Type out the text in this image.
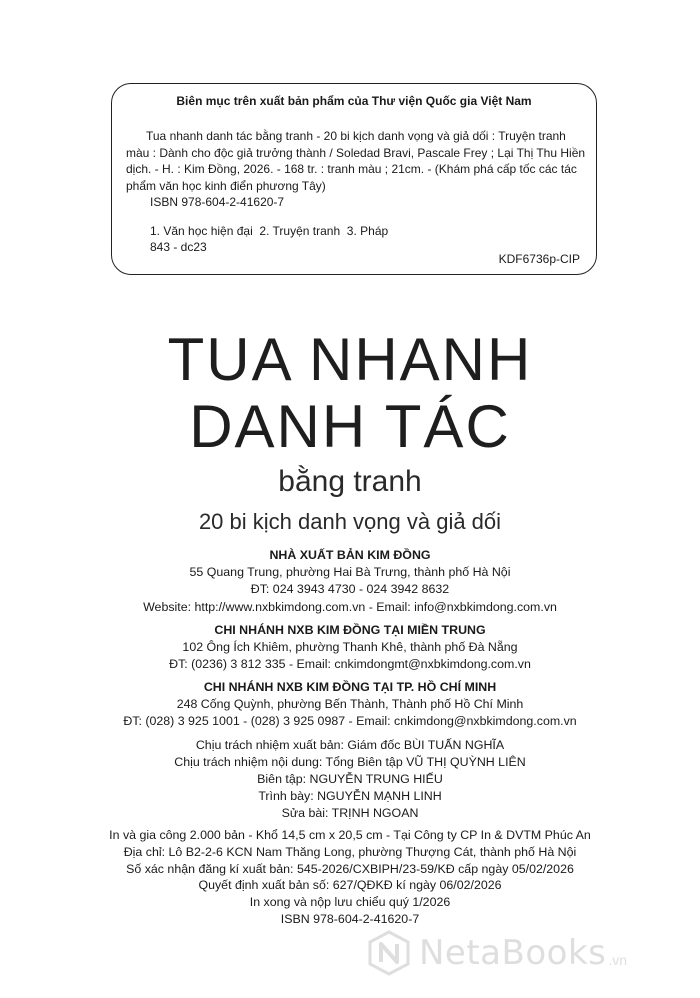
Biên mục trên xuất bản phẩm của Thư viện Quốc gia Việt Nam
Tua nhanh danh tác bằng tranh - 20 bi kịch danh vọng và giả dối : Truyện tranh
màu : Dành cho độc giả trưởng thành / Soledad Bravi, Pascale Frey ; Lại Thị Thu Hiền
dịch. - H. : Kim Đồng, 2026. - 168 tr. : tranh màu ; 21cm. - (Khám phá cấp tốc các tác
phẩm văn học kinh điển phương Tây)
ISBN 978-604-2-41620-7
1. Văn học hiện đại  2. Truyện tranh  3. Pháp
843 - dc23
KDF6736p-CIP
TUA NHANH
DANH TÁC
bằng tranh
20 bi kịch danh vọng và giả dối
NHÀ XUẤT BẢN KIM ĐỒNG
55 Quang Trung, phường Hai Bà Trưng, thành phố Hà Nội
ĐT: 024 3943 4730 - 024 3942 8632
Website: http://www.nxbkimdong.com.vn - Email: info@nxbkimdong.com.vn
CHI NHÁNH NXB KIM ĐỒNG TẠI MIỀN TRUNG
102 Ông Ích Khiêm, phường Thanh Khê, thành phố Đà Nẵng
ĐT: (0236) 3 812 335 - Email: cnkimdongmt@nxbkimdong.com.vn
CHI NHÁNH NXB KIM ĐỒNG TẠI TP. HỒ CHÍ MINH
248 Cống Quỳnh, phường Bến Thành, Thành phố Hồ Chí Minh
ĐT: (028) 3 925 1001 - (028) 3 925 0987 - Email: cnkimdong@nxbkimdong.com.vn
Chịu trách nhiệm xuất bản: Giám đốc BÙI TUẤN NGHĨA
Chịu trách nhiệm nội dung: Tổng Biên tập VŨ THỊ QUỲNH LIÊN
Biên tập: NGUYỄN TRUNG HIẾU
Trình bày: NGUYỄN MẠNH LINH
Sửa bài: TRỊNH NGOAN
In và gia công 2.000 bản - Khổ 14,5 cm x 20,5 cm - Tại Công ty CP In & DVTM Phúc An
Địa chỉ: Lô B2-2-6 KCN Nam Thăng Long, phường Thượng Cát, thành phố Hà Nội
Số xác nhận đăng kí xuất bản: 545-2026/CXBIPH/23-59/KĐ cấp ngày 05/02/2026
Quyết định xuất bản số: 627/QĐKĐ kí ngày 06/02/2026
In xong và nộp lưu chiểu quý 1/2026
ISBN 978-604-2-41620-7
NetaBooks .vn
